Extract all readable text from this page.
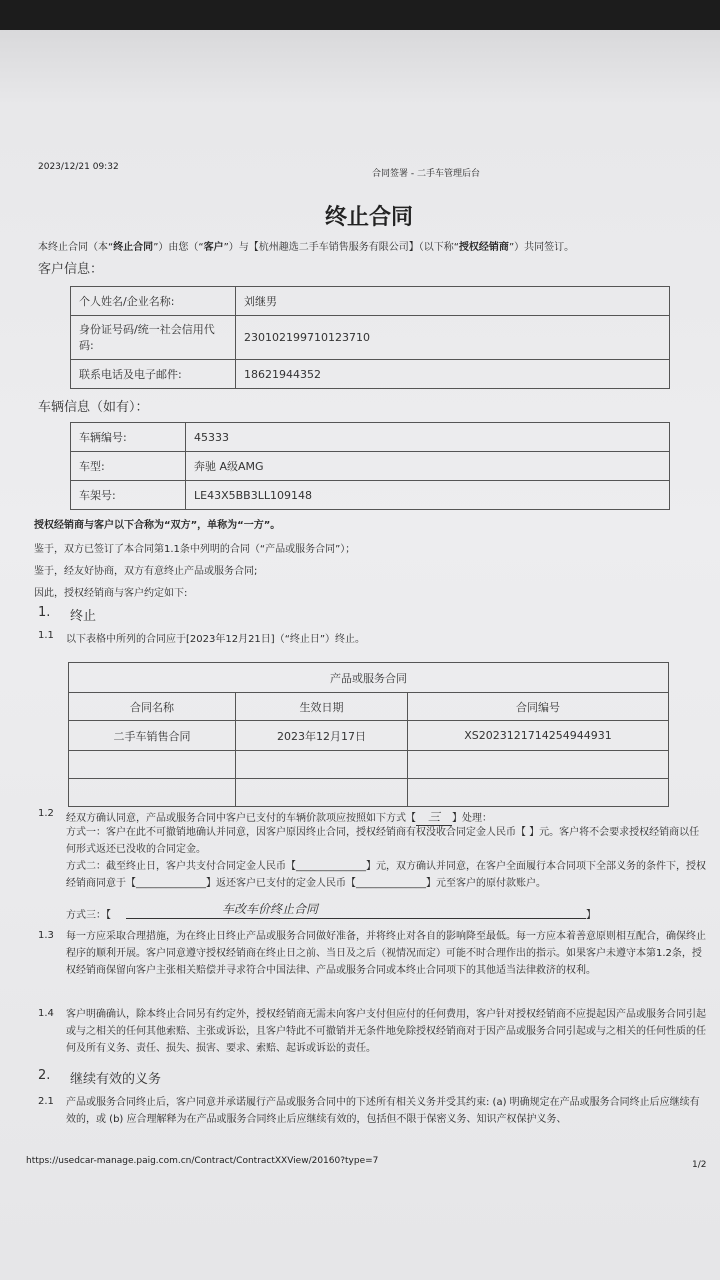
2023/12/21 09:32
合同签署 - 二手车管理后台
终止合同
本终止合同（本“终止合同”）由您（“客户”）与【杭州趣选二手车销售服务有限公司】（以下称“授权经销商”）共同签订。
客户信息：
个人姓名/企业名称:	刘继男
身份证号码/统一社会信用代码:	230102199710123710
联系电话及电子邮件:	18621944352
车辆信息（如有）：
车辆编号:	45333
车型:	奔驰 A级AMG
车架号:	LE43X5BB3LL109148
授权经销商与客户以下合称为“双方”，单称为“一方”。
鉴于，双方已签订了本合同第1.1条中列明的合同（“产品或服务合同”）；
鉴于，经友好协商，双方有意终止产品或服务合同;
因此，授权经销商与客户约定如下:
1. 终止
1.1 以下表格中所列的合同应于[2023年12月21日]（“终止日”）终止。
产品或服务合同		
合同名称	生效日期	合同编号
二手车销售合同	2023年12月17日	XS2023121714254944931

1.2 经双方确认同意，产品或服务合同中客户已支付的车辆价款项应按照如下方式【 三 】处理：
方式一：客户在此不可撤销地确认并同意，因客户原因终止合同，授权经销商有权没收合同定金人民币【 】元。客户将不会要求授权经销商以任何形式返还已没收的合同定金。
方式二：截至终止日，客户共支付合同定金人民币【______________】元，双方确认并同意，在客户全面履行本合同项下全部义务的条件下，授权经销商同意于【______________】返还客户已支付的定金人民币【______________】元至客户的原付款账户。
方式三：【	车改车价终止合同	】
1.3 每一方应采取合理措施，为在终止日终止产品或服务合同做好准备，并将终止对各自的影响降至最低。每一方应本着善意原则相互配合，确保终止程序的顺利开展。客户同意遵守授权经销商在终止日之前、当日及之后（视情况而定）可能不时合理作出的指示。如果客户未遵守本第1.2条，授权经销商保留向客户主张相关赔偿并寻求符合中国法律、产品或服务合同或本终止合同项下的其他适当法律救济的权利。
1.4 客户明确确认，除本终止合同另有约定外，授权经销商无需未向客户支付但应付的任何费用，客户针对授权经销商不应提起因产品或服务合同引起或与之相关的任何其他索赔、主张或诉讼，且客户特此不可撤销并无条件地免除授权经销商对于因产品或服务合同引起或与之相关的任何性质的任何及所有义务、责任、损失、损害、要求、索赔、起诉或诉讼的责任。
2. 继续有效的义务
2.1 产品或服务合同终止后，客户同意并承诺履行产品或服务合同中的下述所有相关义务并受其约束: (a) 明确规定在产品或服务合同终止后应继续有效的，或 (b) 应合理解释为在产品或服务合同终止后应继续有效的，包括但不限于保密义务、知识产权保护义务、
https://usedcar-manage.paig.com.cn/Contract/ContractXXView/20160?type=7	1/2
